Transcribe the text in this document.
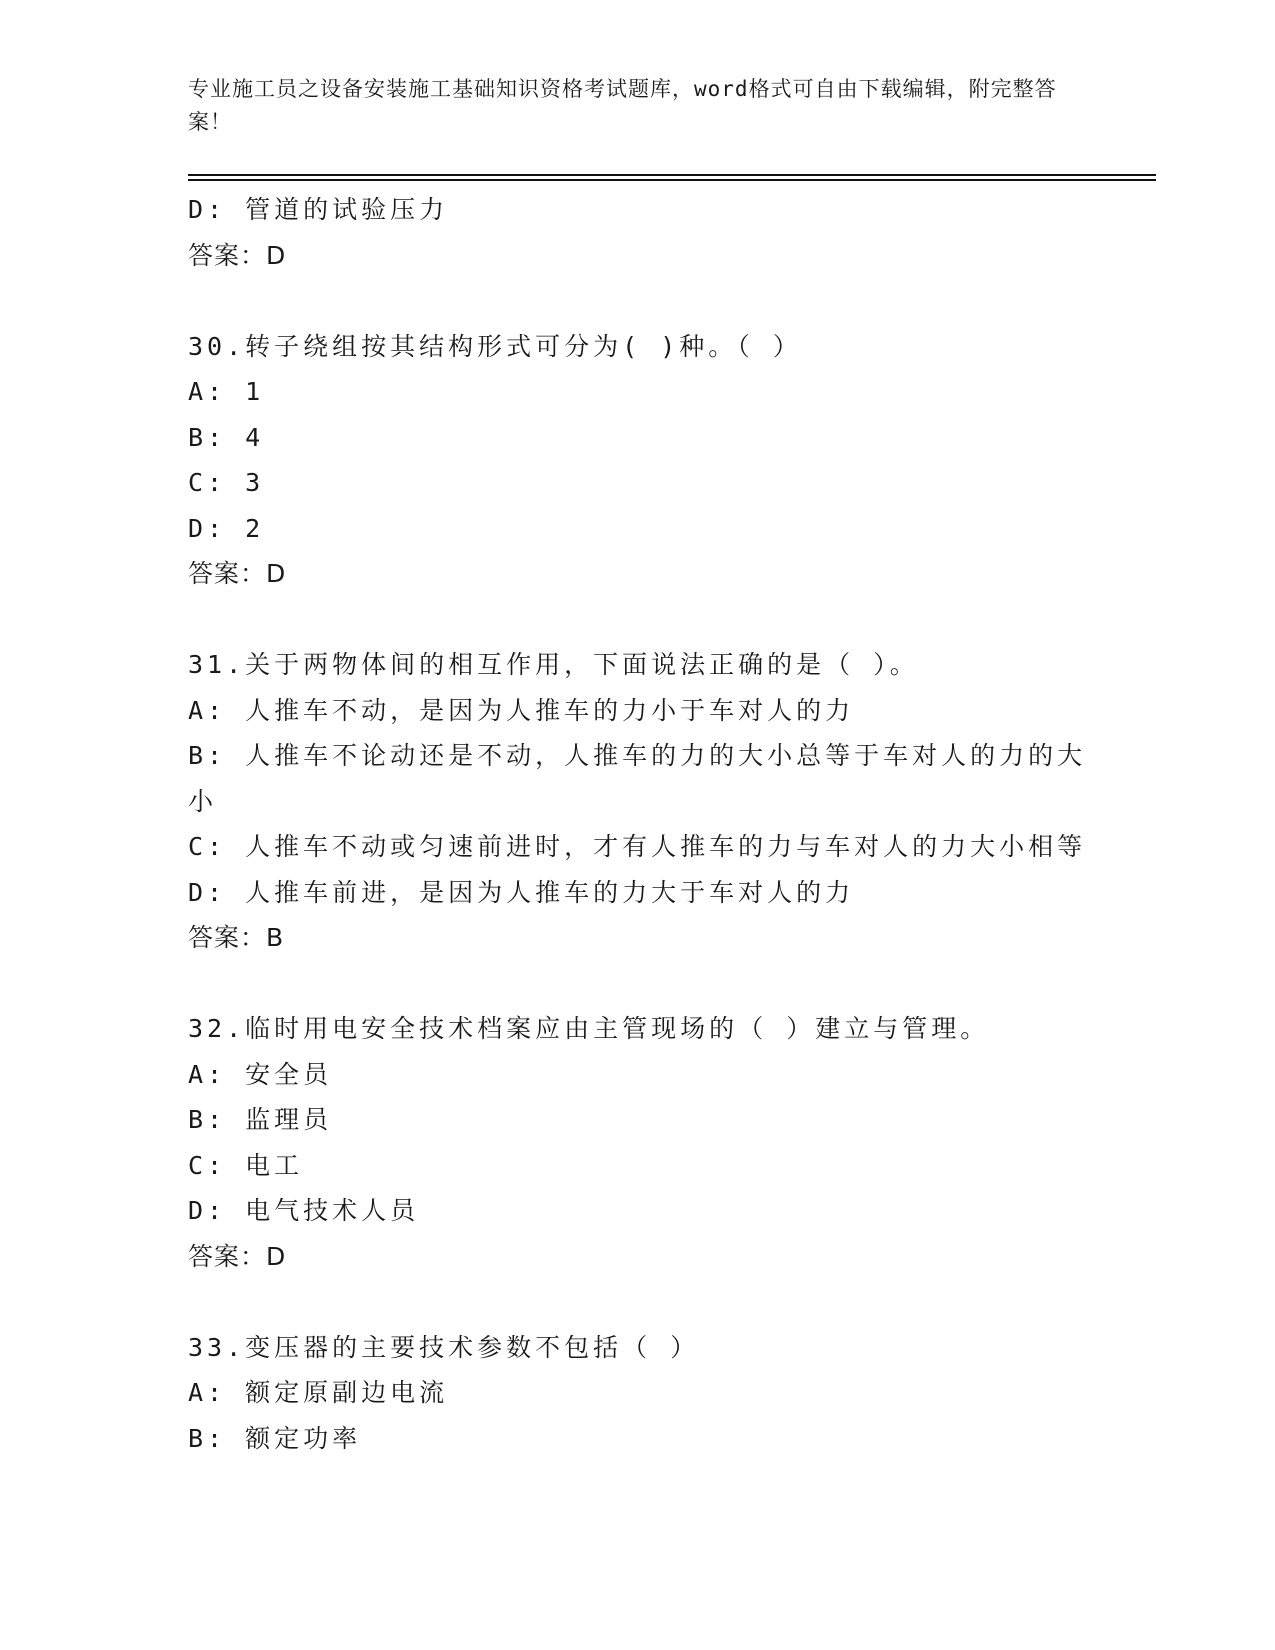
专业施工员之设备安装施工基础知识资格考试题库，word格式可自由下载编辑，附完整答案！
D: 管道的试验压力
答案：D
30.转子绕组按其结构形式可分为( )种。（ ）
A: 1
B: 4
C: 3
D: 2
答案：D
31.关于两物体间的相互作用，下面说法正确的是（ ）。
A: 人推车不动，是因为人推车的力小于车对人的力
B: 人推车不论动还是不动，人推车的力的大小总等于车对人的力的大小
C: 人推车不动或匀速前进时，才有人推车的力与车对人的力大小相等
D: 人推车前进，是因为人推车的力大于车对人的力
答案：B
32.临时用电安全技术档案应由主管现场的（ ）建立与管理。
A: 安全员
B: 监理员
C: 电工
D: 电气技术人员
答案：D
33.变压器的主要技术参数不包括（ ）
A: 额定原副边电流
B: 额定功率
